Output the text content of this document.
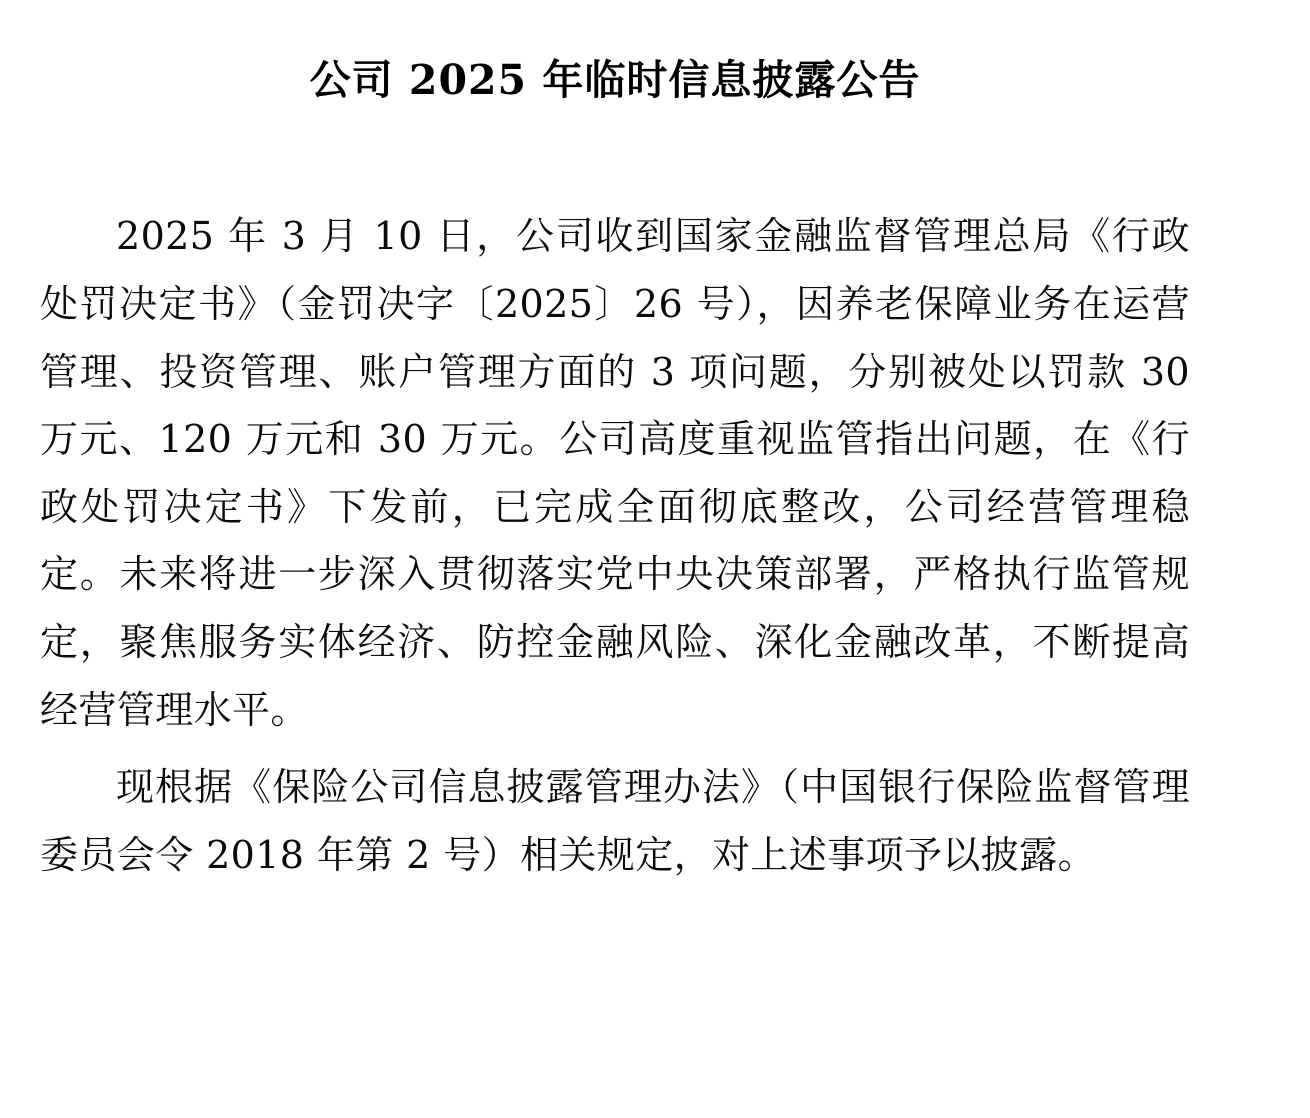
公司 2025 年临时信息披露公告

2025 年 3 月 10 日，公司收到国家金融监督管理总局《行政处罚决定书》（金罚决字〔2025〕26 号），因养老保障业务在运营管理、投资管理、账户管理方面的 3 项问题，分别被处以罚款 30 万元、120 万元和 30 万元。公司高度重视监管指出问题，在《行政处罚决定书》下发前，已完成全面彻底整改，公司经营管理稳定。未来将进一步深入贯彻落实党中央决策部署，严格执行监管规定，聚焦服务实体经济、防控金融风险、深化金融改革，不断提高经营管理水平。

现根据《保险公司信息披露管理办法》（中国银行保险监督管理委员会令 2018 年第 2 号）相关规定，对上述事项予以披露。
